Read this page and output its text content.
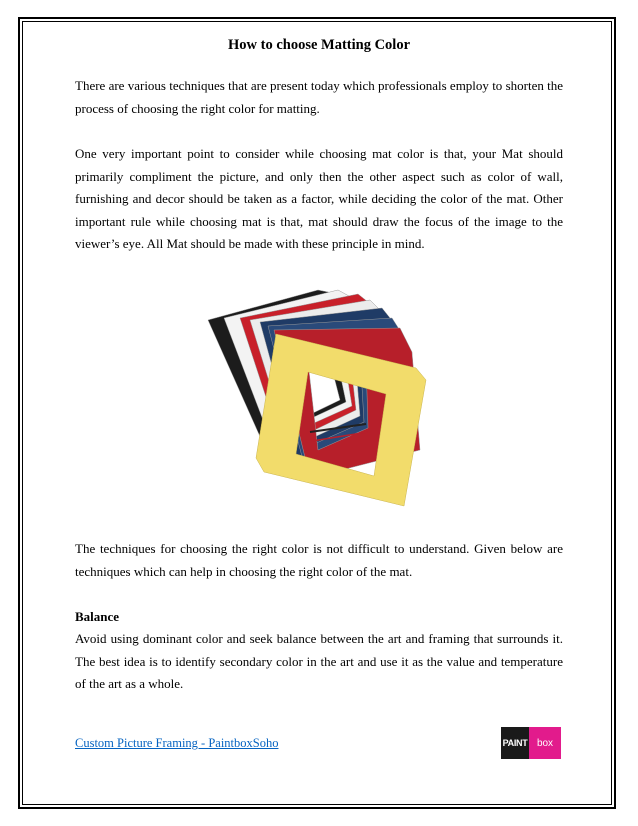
How to choose Matting Color

There are various techniques that are present today which professionals employ to shorten the process of choosing the right color for matting.

One very important point to consider while choosing mat color is that, your Mat should primarily compliment the picture, and only then the other aspect such as color of wall, furnishing and decor should be taken as a factor, while deciding the color of the mat. Other important rule while choosing mat is that, mat should draw the focus of the image to the viewer’s eye. All Mat should be made with these principle in mind.

The techniques for choosing the right color is not difficult to understand. Given below are techniques which can help in choosing the right color of the mat.

Balance

Avoid using dominant color and seek balance between the art and framing that surrounds it. The best idea is to identify secondary color in the art and use it as the value and temperature of the art as a whole.

Custom Picture Framing - PaintboxSoho	PAINT box
